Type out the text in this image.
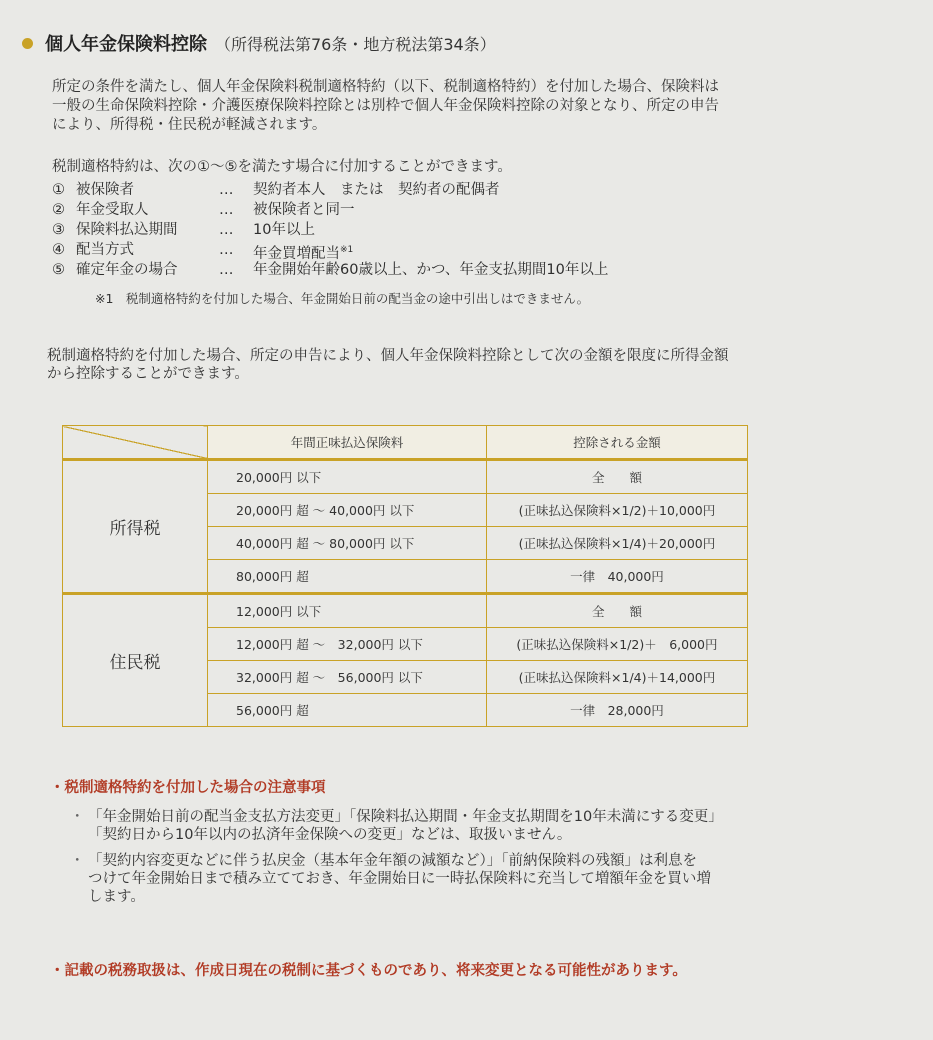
個人年金保険料控除 （所得税法第76条・地方税法第34条）
所定の条件を満たし、個人年金保険料税制適格特約（以下、税制適格特約）を付加した場合、保険料は
一般の生命保険料控除・介護医療保険料控除とは別枠で個人年金保険料控除の対象となり、所定の申告
により、所得税・住民税が軽減されます。
税制適格特約は、次の①～⑤を満たす場合に付加することができます。
① 被保険者	…	契約者本人　または　契約者の配偶者
② 年金受取人	…	被保険者と同一
③ 保険料払込期間	…	10年以上
④ 配当方式	…	年金買増配当$^{※1}$
⑤ 確定年金の場合	…	年金開始年齢60歳以上、かつ、年金支払期間10年以上
※1　税制適格特約を付加した場合、年金開始日前の配当金の途中引出しはできません。
税制適格特約を付加した場合、所定の申告により、個人年金保険料控除として次の金額を限度に所得金額
から控除することができます。
	年間正味払込保険料	控除される金額
所得税	20,000円 以下	全　　額
	20,000円 超 ～ 40,000円 以下	(正味払込保険料×1/2)＋10,000円
	40,000円 超 ～ 80,000円 以下	(正味払込保険料×1/4)＋20,000円
	80,000円 超	一律　40,000円
住民税	12,000円 以下	全　　額
	12,000円 超 ～　32,000円 以下	(正味払込保険料×1/2)＋　6,000円
	32,000円 超 ～　56,000円 以下	(正味払込保険料×1/4)＋14,000円
	56,000円 超	一律　28,000円
・税制適格特約を付加した場合の注意事項
・ 「年金開始日前の配当金支払方法変更」「保険料払込期間・年金支払期間を10年未満にする変更」
「契約日から10年以内の払済年金保険への変更」などは、取扱いません。
・ 「契約内容変更などに伴う払戻金（基本年金年額の減額など）」「前納保険料の残額」は利息を
つけて年金開始日まで積み立てておき、年金開始日に一時払保険料に充当して増額年金を買い増
します。
・記載の税務取扱は、作成日現在の税制に基づくものであり、将来変更となる可能性があります。
